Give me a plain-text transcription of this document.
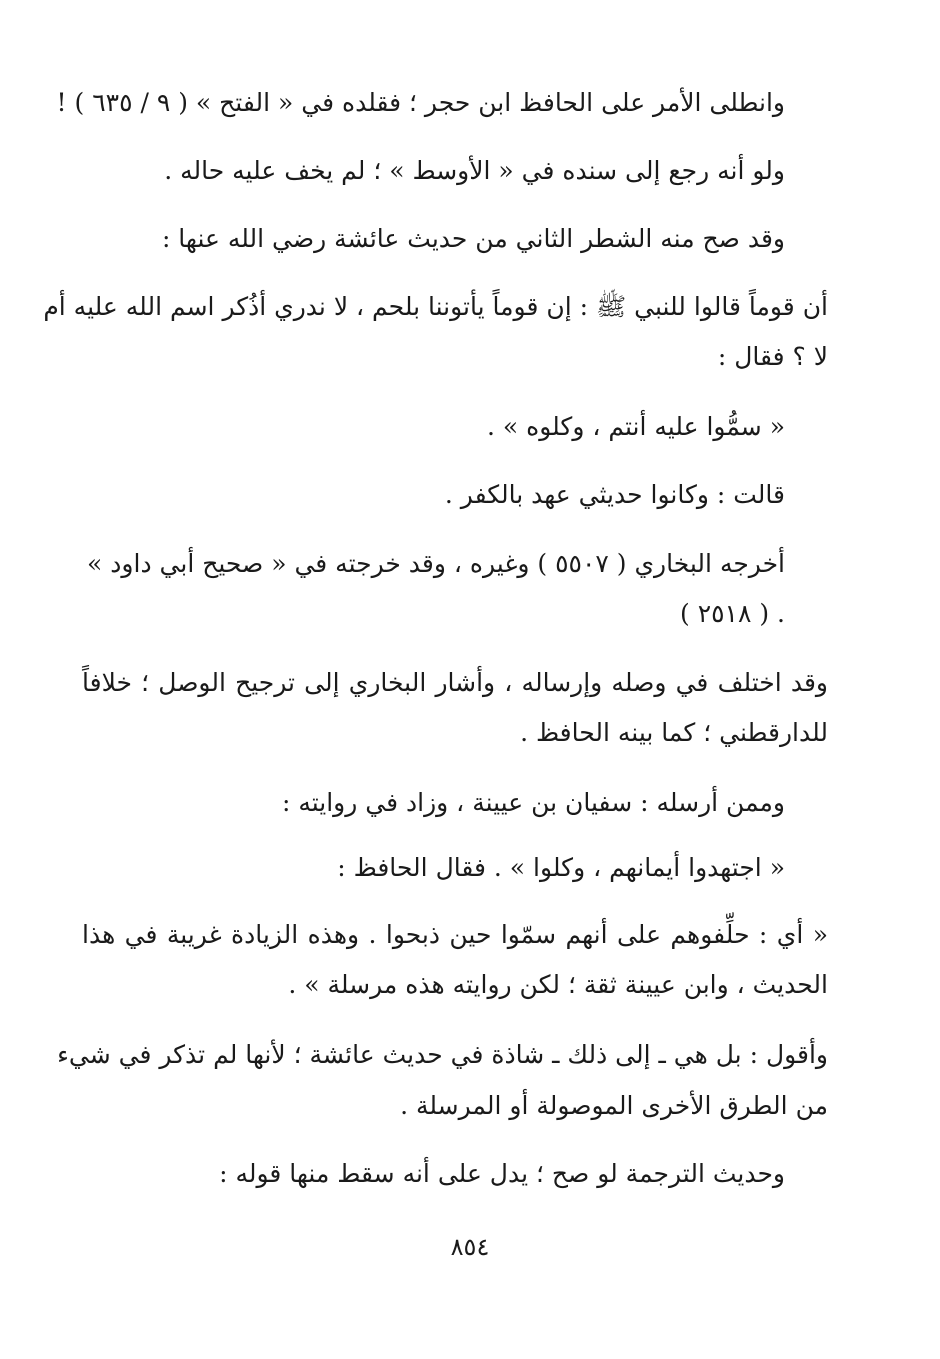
وانطلى الأمر على الحافظ ابن حجر ؛ فقلده في « الفتح » ( ٩ / ٦٣٥ ) !
ولو أنه رجع إلى سنده في « الأوسط » ؛ لم يخف عليه حاله .
وقد صح منه الشطر الثاني من حديث عائشة رضي الله عنها :
أن قوماً قالوا للنبي ﷺ : إن قوماً يأتوننا بلحم ، لا ندري أذُكر اسم الله عليه أم
لا ؟ فقال :
« سمُّوا عليه أنتم ، وكلوه » .
قالت : وكانوا حديثي عهد بالكفر .
أخرجه البخاري ( ٥٥٠٧ ) وغيره ، وقد خرجته في « صحيح أبي داود »
( ٢٥١٨ ) .
وقد اختلف في وصله وإرساله ، وأشار البخاري إلى ترجيح الوصل ؛ خلافاً
للدارقطني ؛ كما بينه الحافظ .
وممن أرسله : سفيان بن عيينة ، وزاد في روايته :
« اجتهدوا أيمانهم ، وكلوا » . فقال الحافظ :
« أي : حلِّفوهم على أنهم سمّوا حين ذبحوا . وهذه الزيادة غريبة في هذا
الحديث ، وابن عيينة ثقة ؛ لكن روايته هذه مرسلة » .
وأقول : بل هي ـ إلى ذلك ـ شاذة في حديث عائشة ؛ لأنها لم تذكر في شيء
من الطرق الأخرى الموصولة أو المرسلة .
وحديث الترجمة لو صح ؛ يدل على أنه سقط منها قوله :
٨٥٤
